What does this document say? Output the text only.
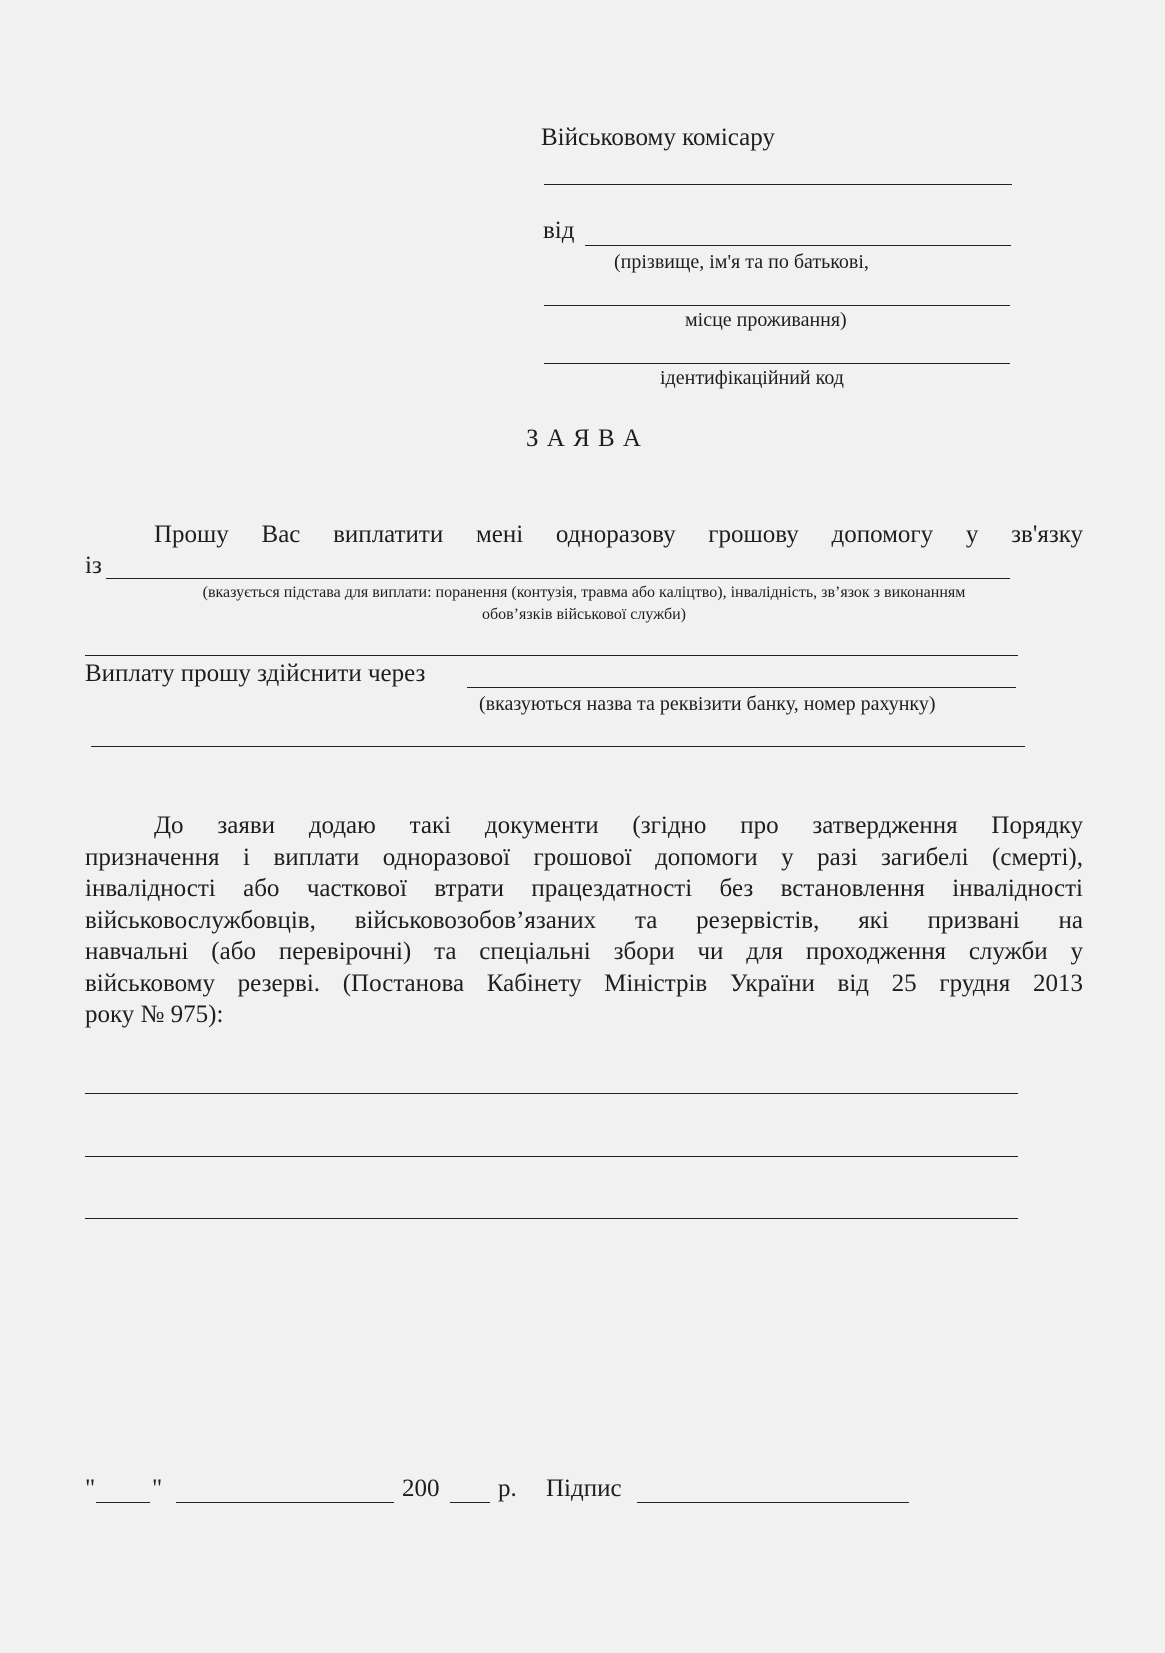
Військовому комісару
від
(прізвище, ім'я та по батькові,
місце проживання)
ідентифікаційний код
З А Я В А
Прошу Вас виплатити мені одноразову грошову допомогу у зв'язку
із
(вказується підстава для виплати: поранення (контузія, травма або каліцтво), інвалідність, зв’язок з виконанням
обов’язків військової служби)
Виплату прошу здійснити через
(вказуються назва та реквізити банку, номер рахунку)
До заяви додаю такі документи (згідно про затвердження Порядку
призначення і виплати одноразової грошової допомоги у разі загибелі (смерті),
інвалідності або часткової втрати працездатності без встановлення інвалідності
військовослужбовців, військовозобов’язаних та резервістів, які призвані на
навчальні (або перевірочні) та спеціальні збори чи для проходження служби у
військовому резерві. (Постанова Кабінету Міністрів України від 25 грудня 2013
року № 975):
" "	200 р. Підпис
